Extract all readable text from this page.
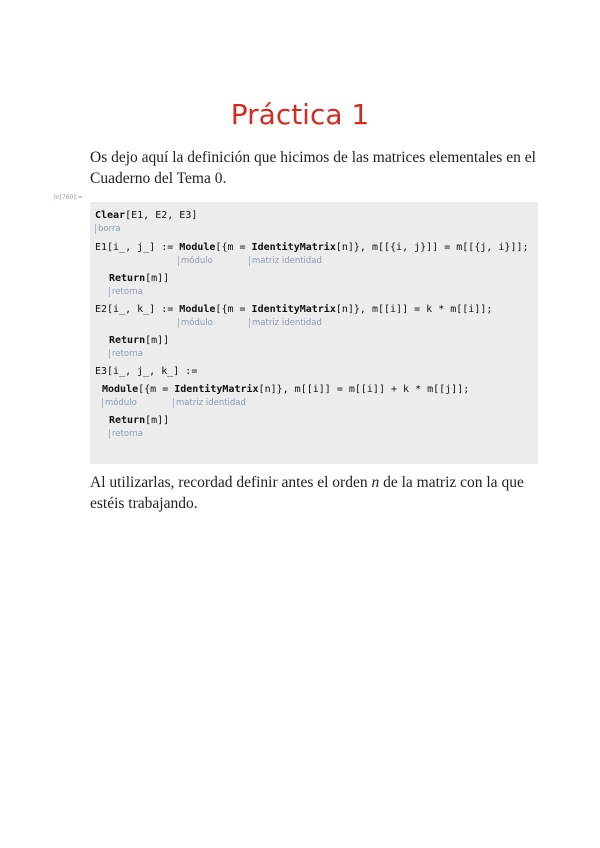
Práctica 1
Os dejo aquí la definición que hicimos de las matrices elementales en el Cuaderno del Tema 0.
In[760]:=
Clear[E1, E2, E3]
borra
E1[i_, j_] := Module[{m = IdentityMatrix[n]}, m[[{i, j}]] = m[[{j, i}]];
módulo	matriz identidad
Return[m]]
retorna
E2[i_, k_] := Module[{m = IdentityMatrix[n]}, m[[i]] = k * m[[i]];
módulo	matriz identidad
Return[m]]
retorna
E3[i_, j_, k_] :=
Module[{m = IdentityMatrix[n]}, m[[i]] = m[[i]] + k * m[[j]];
módulo	matriz identidad
Return[m]]
retorna
Al utilizarlas, recordad definir antes el orden n de la matriz con la que estéis trabajando.
